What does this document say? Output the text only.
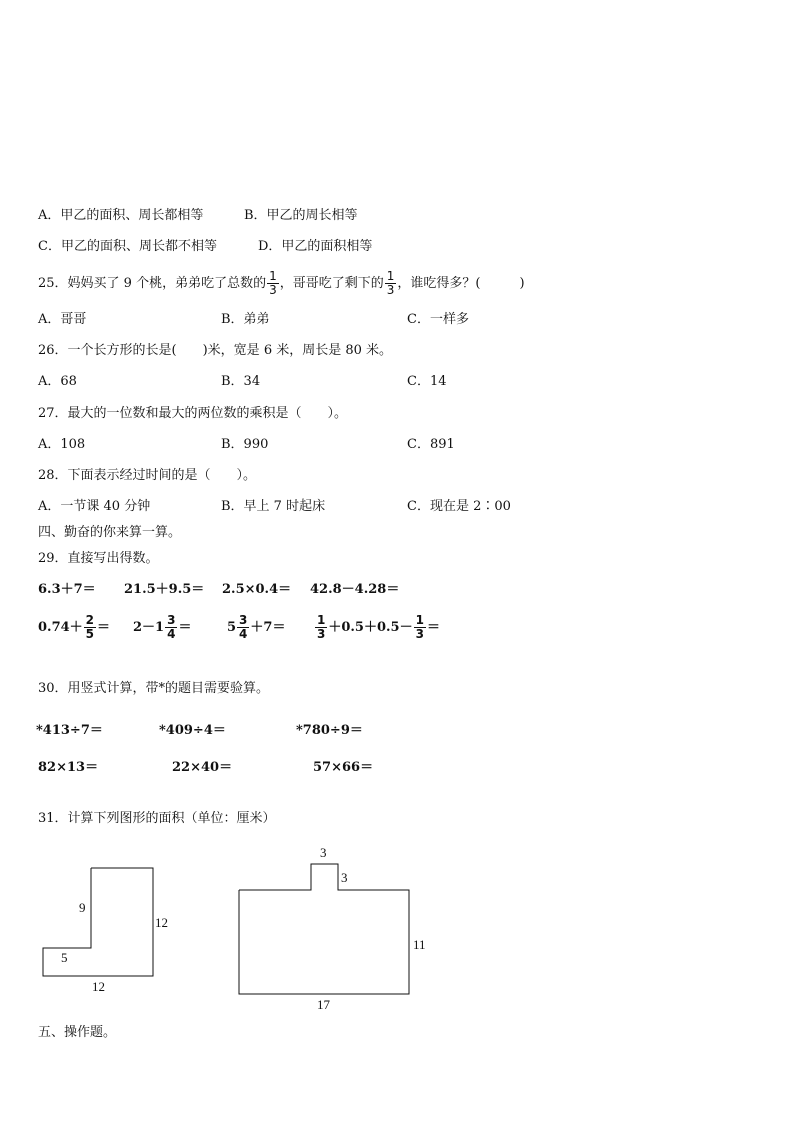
A．甲乙的面积、周长都相等	B．甲乙的周长相等
C．甲乙的面积、周长都不相等	D．甲乙的面积相等
25．妈妈买了 9 个桃，弟弟吃了总数的 $\frac{1}{3}$ ，哥哥吃了剩下的 $\frac{1}{3}$ ，谁吃得多？(　　　)
A．哥哥	B．弟弟	C．一样多
26．一个长方形的长是(　　)米，宽是 6 米，周长是 80 米。
A．68	B．34	C．14
27．最大的一位数和最大的两位数的乘积是（　　）。
A．108	B．990	C．891
28．下面表示经过时间的是（　　）。
A．一节课 40 分钟	B．早上 7 时起床	C．现在是 2∶00
四、勤奋的你来算一算。
29．直接写出得数。
6.3＋7＝ 21.5＋9.5＝ 2.5×0.4＝ 42.8－4.28＝
$0.74+ \frac{2}{5} = 2-1 \frac{3}{4}$ ＝	$5 \frac{3}{4} +7= \frac{1}{3} +0.5+0.5- \frac{1}{3}$ ＝
30．用竖式计算，带*的题目需要验算。
*413÷7＝	*409÷4＝	*780÷9＝
82×13＝	22×40＝	57×66＝
31．计算下列图形的面积（单位：厘米）
9
12
5
12
3
3
11
17
五、操作题。
